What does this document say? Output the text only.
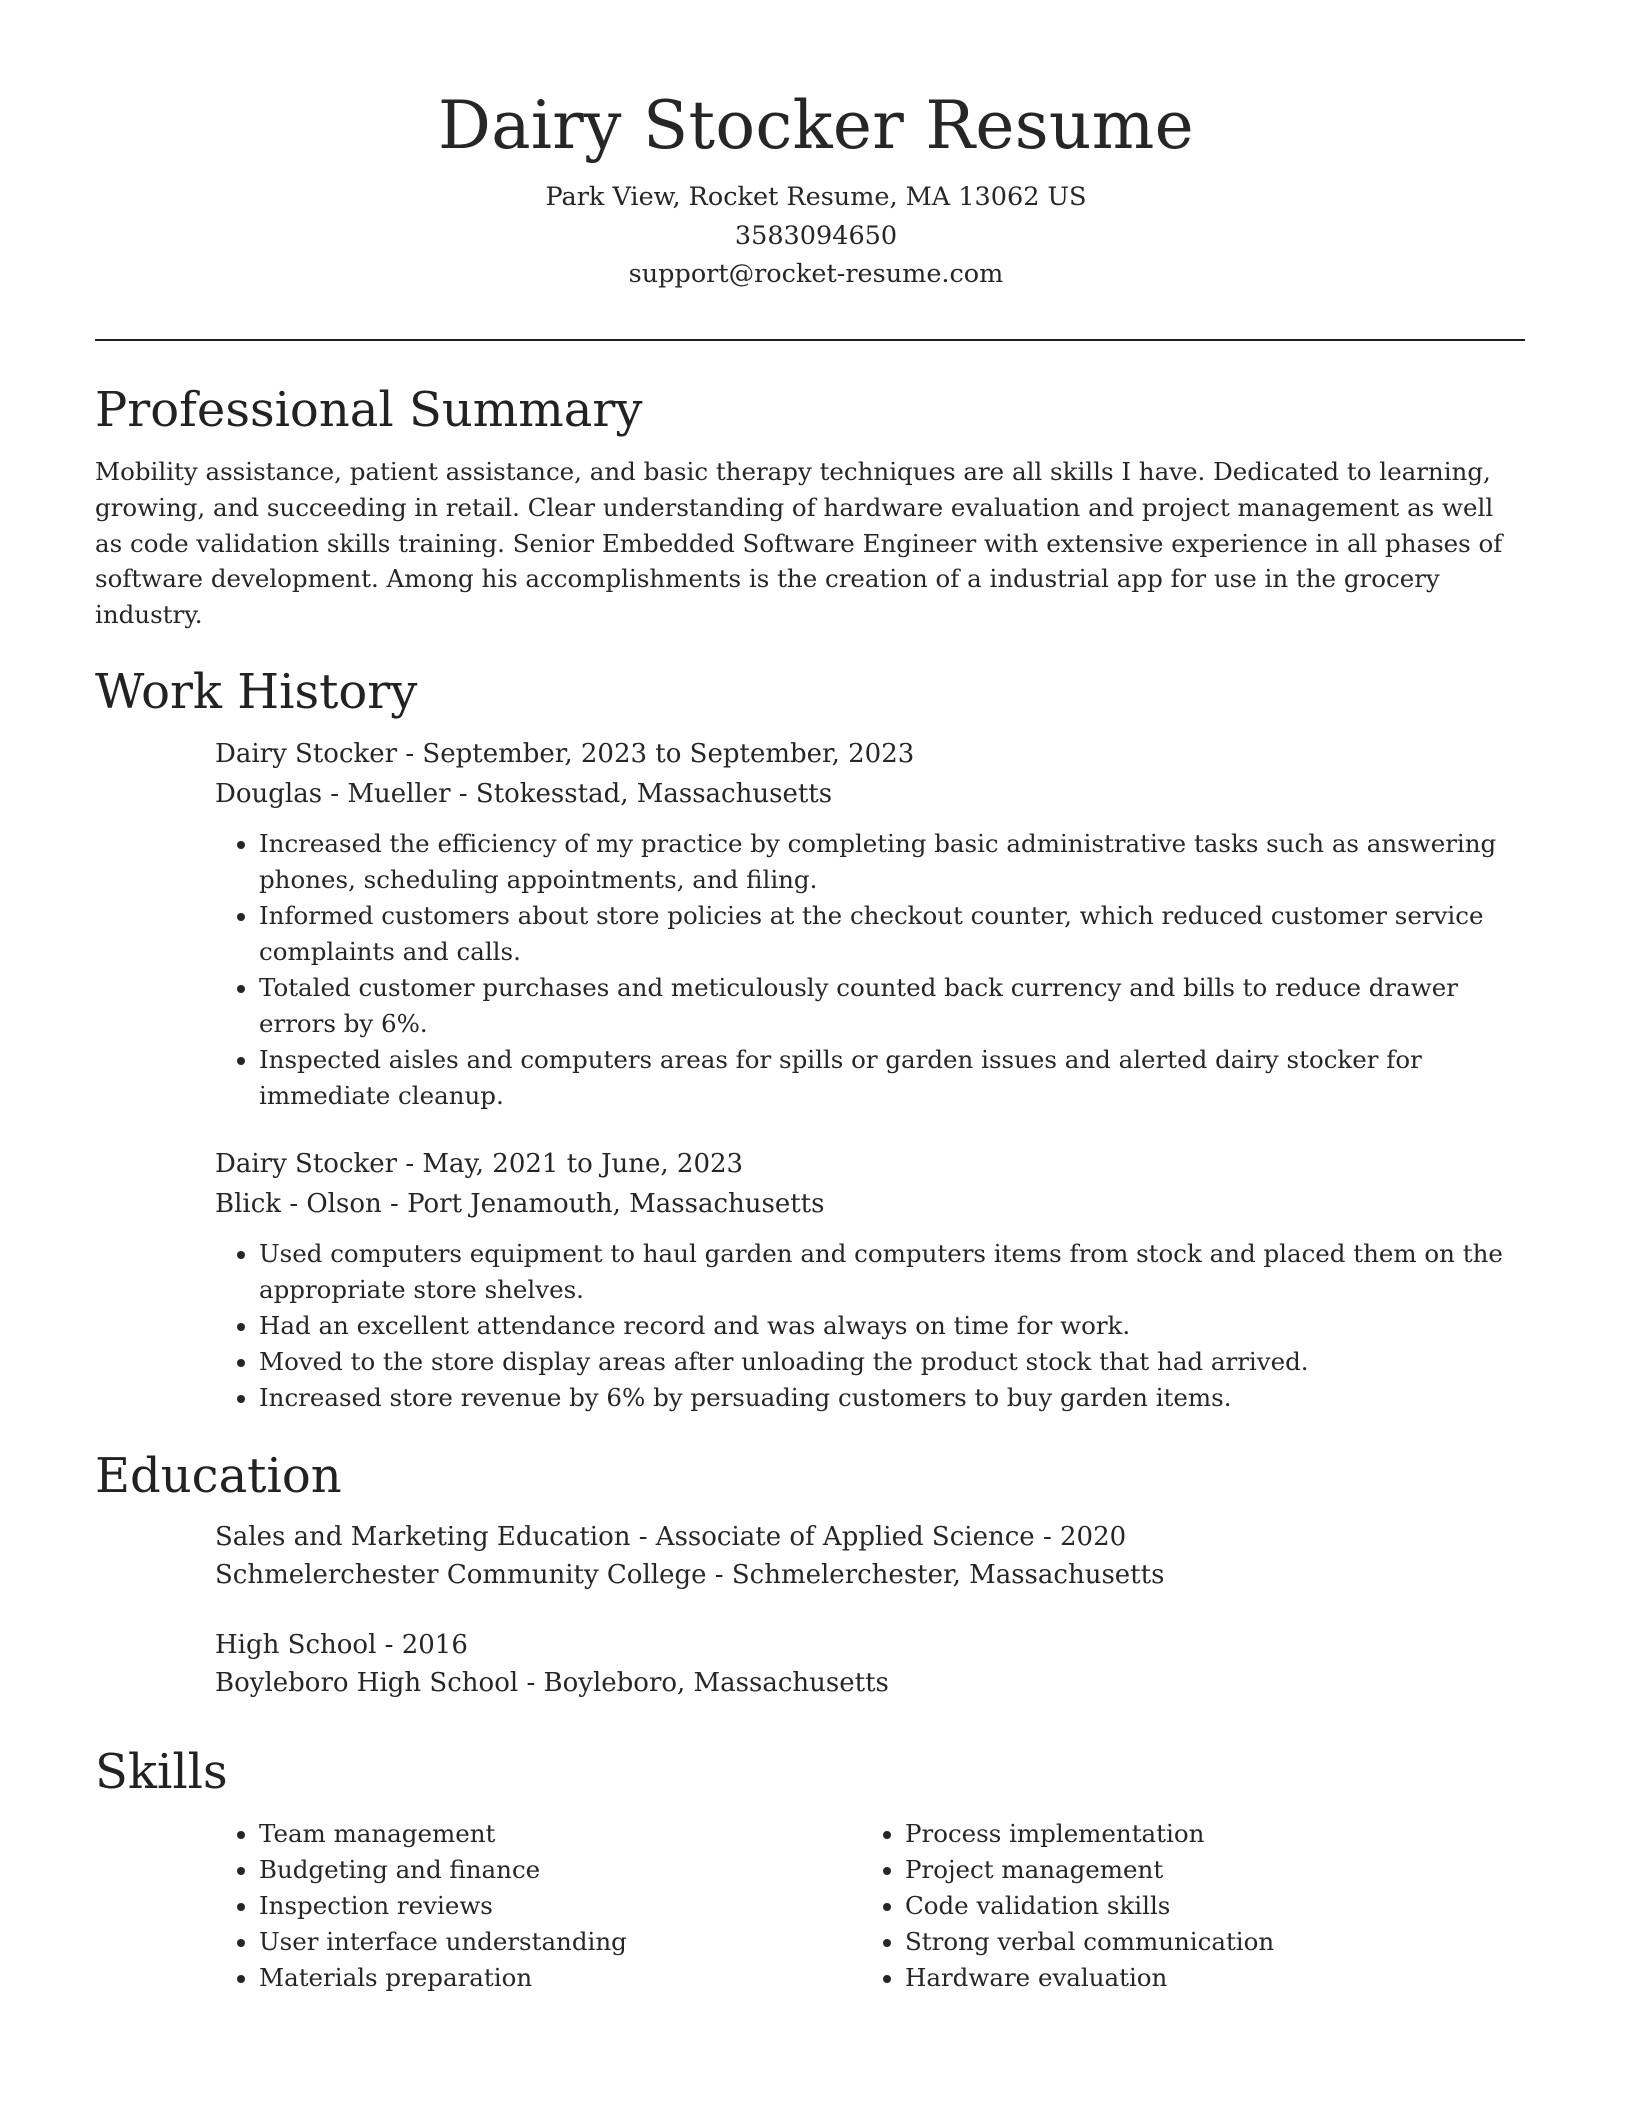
Dairy Stocker Resume
Park View, Rocket Resume, MA 13062 US
3583094650
support@rocket-resume.com
Professional Summary

Mobility assistance, patient assistance, and basic therapy techniques are all skills I have. Dedicated to learning, growing, and succeeding in retail. Clear understanding of hardware evaluation and project management as well as code validation skills training. Senior Embedded Software Engineer with extensive experience in all phases of software development. Among his accomplishments is the creation of a industrial app for use in the grocery industry.

Work History
Dairy Stocker - September, 2023 to September, 2023
Douglas - Mueller - Stokesstad, Massachusetts
• Increased the efficiency of my practice by completing basic administrative tasks such as answering phones, scheduling appointments, and filing.
• Informed customers about store policies at the checkout counter, which reduced customer service complaints and calls.
• Totaled customer purchases and meticulously counted back currency and bills to reduce drawer errors by 6%.
• Inspected aisles and computers areas for spills or garden issues and alerted dairy stocker for immediate cleanup.
Dairy Stocker - May, 2021 to June, 2023
Blick - Olson - Port Jenamouth, Massachusetts
• Used computers equipment to haul garden and computers items from stock and placed them on the appropriate store shelves.
• Had an excellent attendance record and was always on time for work.
• Moved to the store display areas after unloading the product stock that had arrived.
• Increased store revenue by 6% by persuading customers to buy garden items.
Education
Sales and Marketing Education - Associate of Applied Science - 2020
Schmelerchester Community College - Schmelerchester, Massachusetts
High School - 2016
Boyleboro High School - Boyleboro, Massachusetts
Skills
• Team management
• Budgeting and finance
• Inspection reviews
• User interface understanding
• Materials preparation
• Process implementation
• Project management
• Code validation skills
• Strong verbal communication
• Hardware evaluation
